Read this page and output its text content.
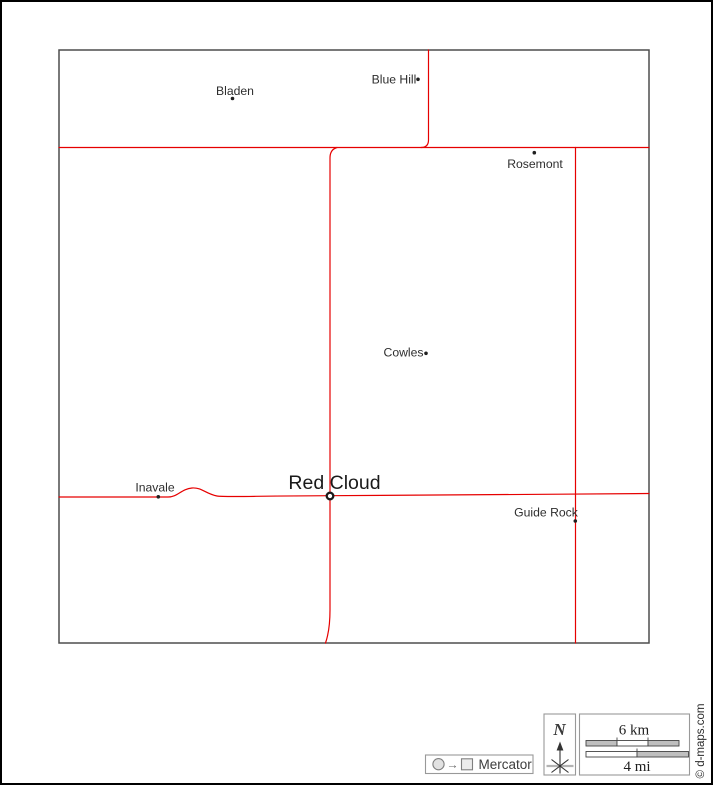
Bladen
Blue Hill
Rosemont
Cowles
Red Cloud
Inavale
Guide Rock
N	6 km
4 mi
→ Mercator	© d-maps.com
